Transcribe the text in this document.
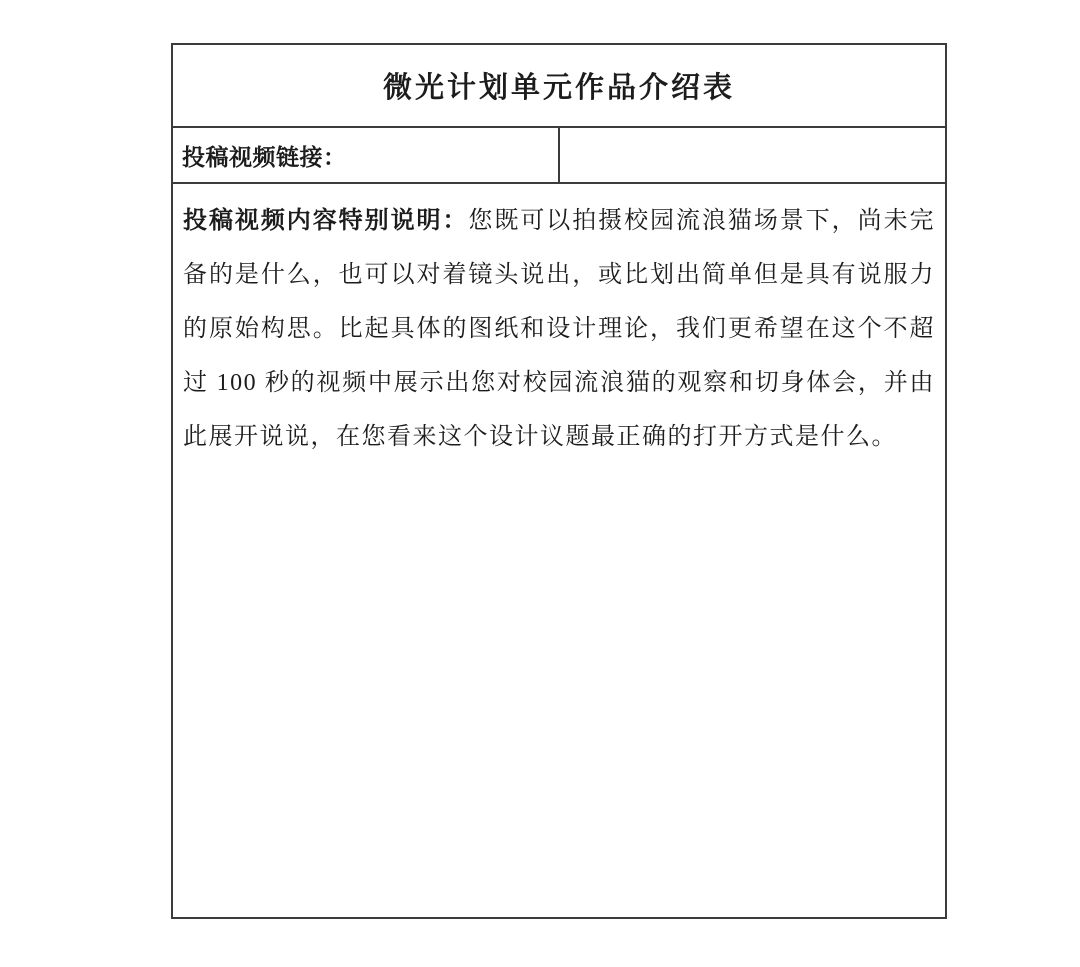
微光计划单元作品介绍表
投稿视频链接：	

投稿视频内容特别说明：您既可以拍摄校园流浪猫场景下，尚未完备的是什么，也可以对着镜头说出，或比划出简单但是具有说服力的原始构思。比起具体的图纸和设计理论，我们更希望在这个不超过 100 秒的视频中展示出您对校园流浪猫的观察和切身体会，并由此展开说说，在您看来这个设计议题最正确的打开方式是什么。
